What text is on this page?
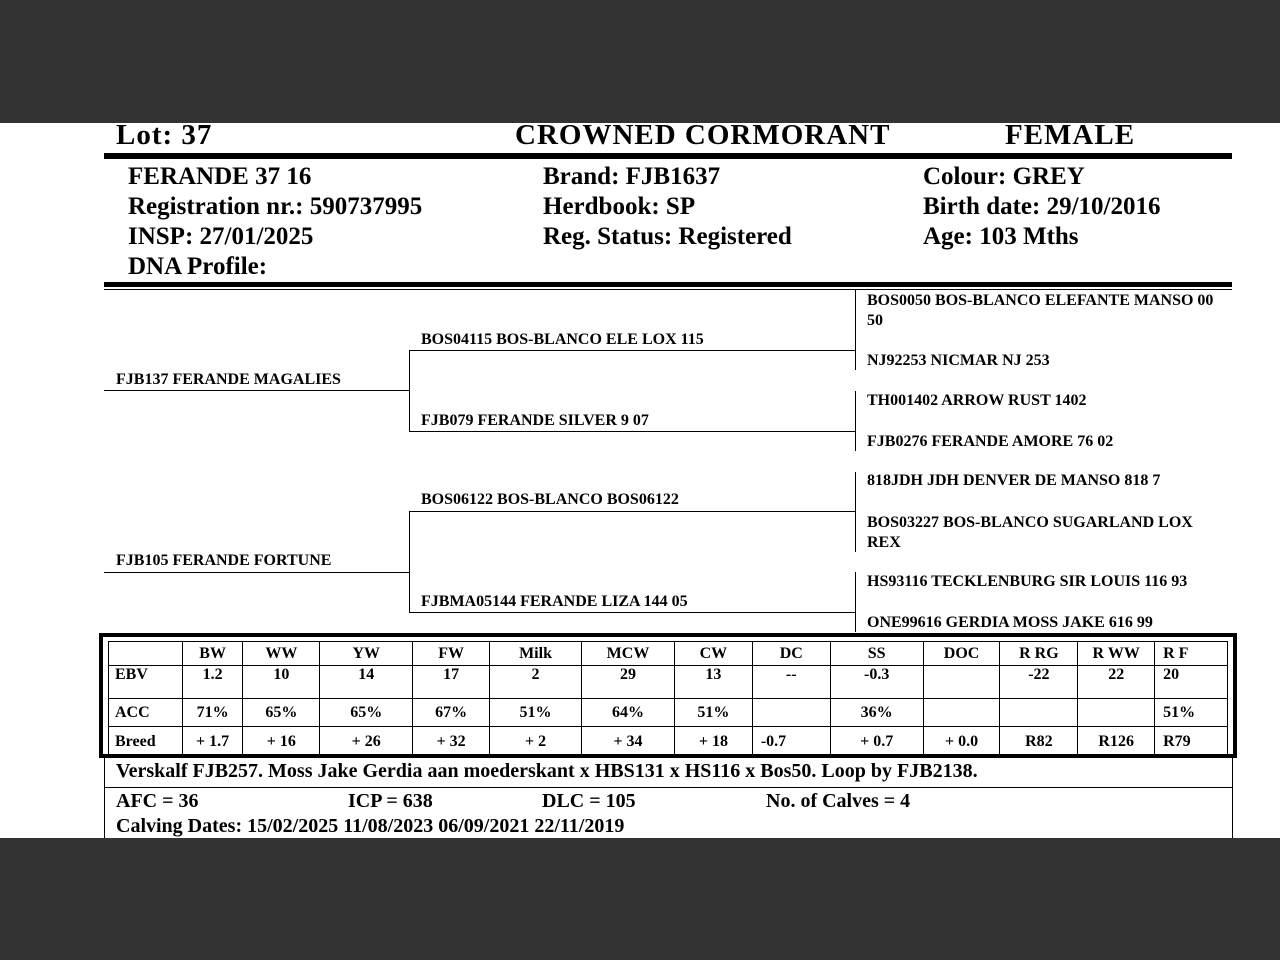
Lot: 37	CROWNED CORMORANT	FEMALE
FERANDE 37 16
Registration nr.: 590737995
INSP: 27/01/2025
DNA Profile:
Brand: FJB1637
Herdbook: SP
Reg. Status: Registered
Colour: GREY
Birth date: 29/10/2016
Age: 103 Mths
FJB137 FERANDE MAGALIES
FJB105 FERANDE FORTUNE
BOS04115 BOS-BLANCO ELE LOX 115
FJB079 FERANDE SILVER 9 07
BOS06122 BOS-BLANCO BOS06122
FJBMA05144 FERANDE LIZA 144 05
BOS0050 BOS-BLANCO ELEFANTE MANSO 00 50
NJ92253 NICMAR NJ 253
TH001402 ARROW RUST 1402
FJB0276 FERANDE AMORE 76 02
818JDH JDH DENVER DE MANSO 818 7
BOS03227 BOS-BLANCO SUGARLAND LOX REX
HS93116 TECKLENBURG SIR LOUIS 116 93
ONE99616 GERDIA MOSS JAKE 616 99
	BW	WW	YW	FW	Milk	MCW	CW	DC	SS	DOC	R RG	R WW	R F
EBV	1.2	10	14	17	2	29	13	--	-0.3		-22	22	20
ACC	71%	65%	65%	67%	51%	64%	51%		36%				51%
Breed	+ 1.7	+ 16	+ 26	+ 32	+ 2	+ 34	+ 18	-0.7	+ 0.7	+ 0.0	R82	R126	R79
Verskalf FJB257. Moss Jake Gerdia aan moederskant x HBS131 x HS116 x Bos50. Loop by FJB2138.
AFC = 36	ICP = 638	DLC = 105	No. of Calves = 4
Calving Dates: 15/02/2025 11/08/2023 06/09/2021 22/11/2019
